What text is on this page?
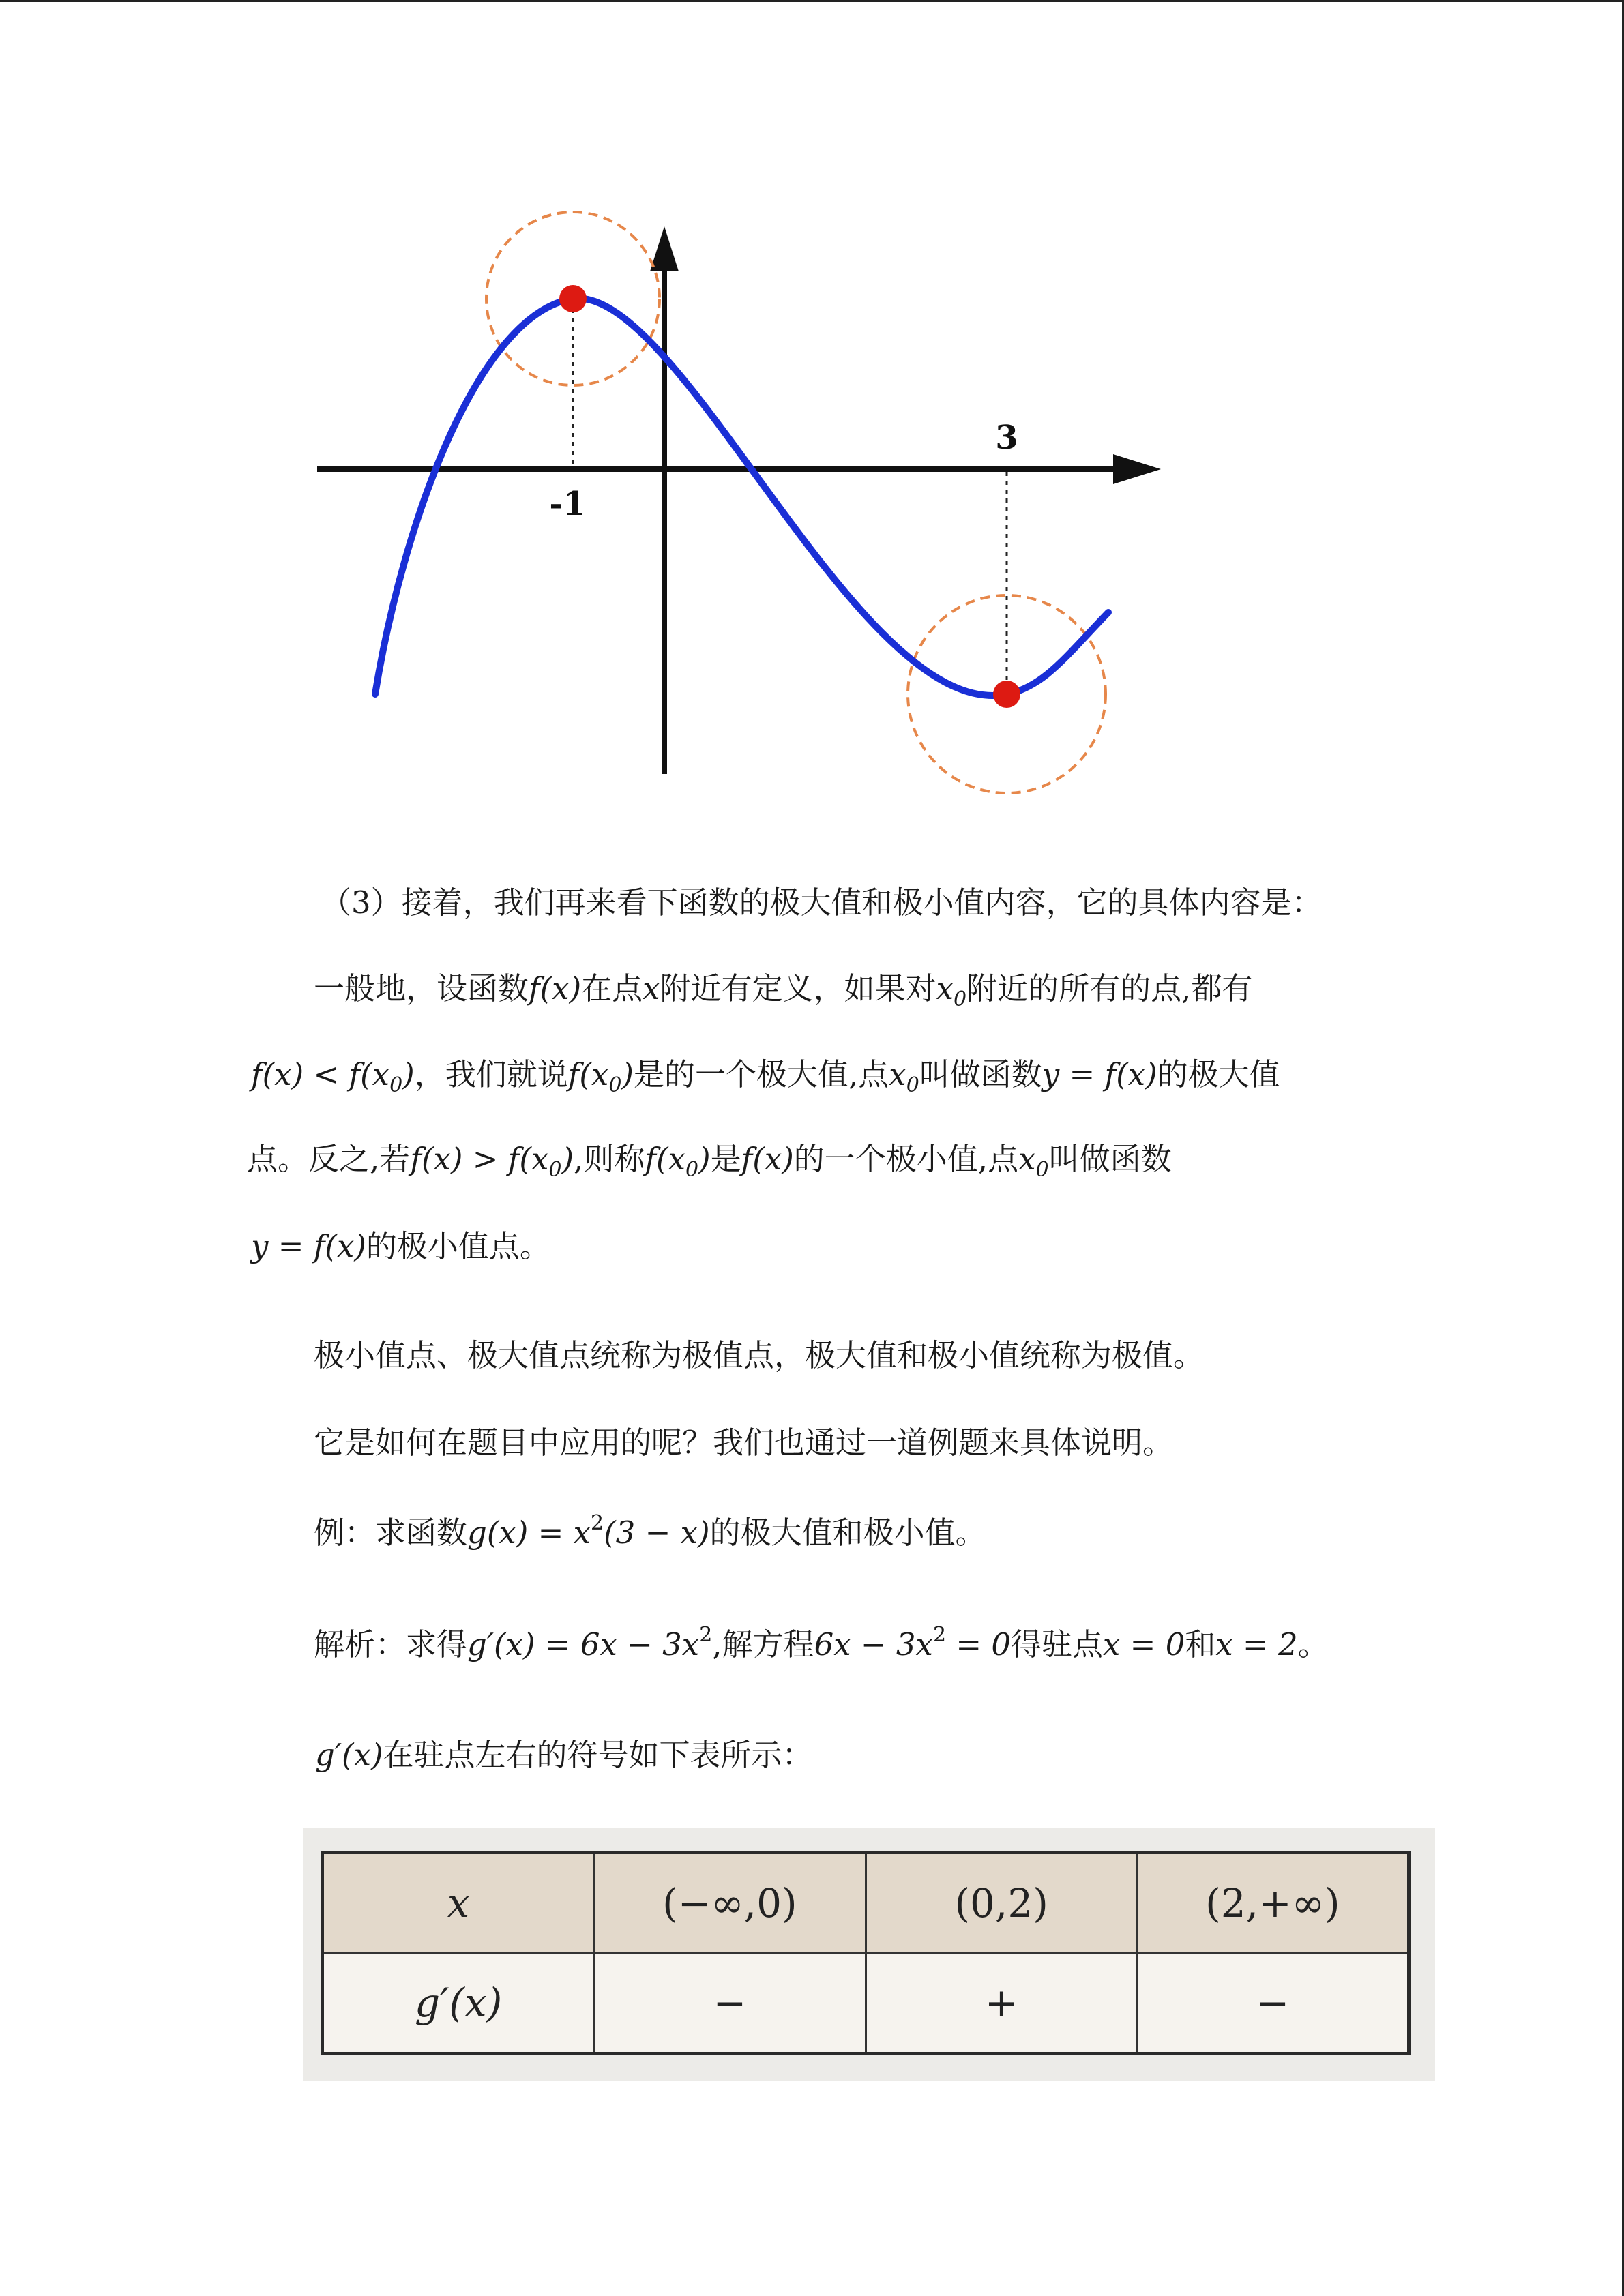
-1
3
（3）接着，我们再来看下函数的极大值和极小值内容，它的具体内容是：
一般地，设函数f(x)在点x附近有定义，如果对$x_0$附近的所有的点,都有
$f(x) < f(x_0)$，我们就说$f(x_0)$是的一个极大值,点$x_0$叫做函数y = f(x)的极大值
点。反之,若$f(x) > f(x_0)$,则称$f(x_0)$是f(x)的一个极小值,点$x_0$叫做函数
y = f(x)的极小值点。
极小值点、极大值点统称为极值点，极大值和极小值统称为极值。
它是如何在题目中应用的呢？我们也通过一道例题来具体说明。
例：求函数$g(x) = x^2(3 - x)$的极大值和极小值。
解析：求得$g'(x) = 6x - 3x^2$,解方程$6x - 3x^2 = 0$得驻点x = 0和x = 2。
g′(x)在驻点左右的符号如下表所示：
x	(−∞,0)	(0,2)	(2,+∞)
g′(x)	−	+	−
